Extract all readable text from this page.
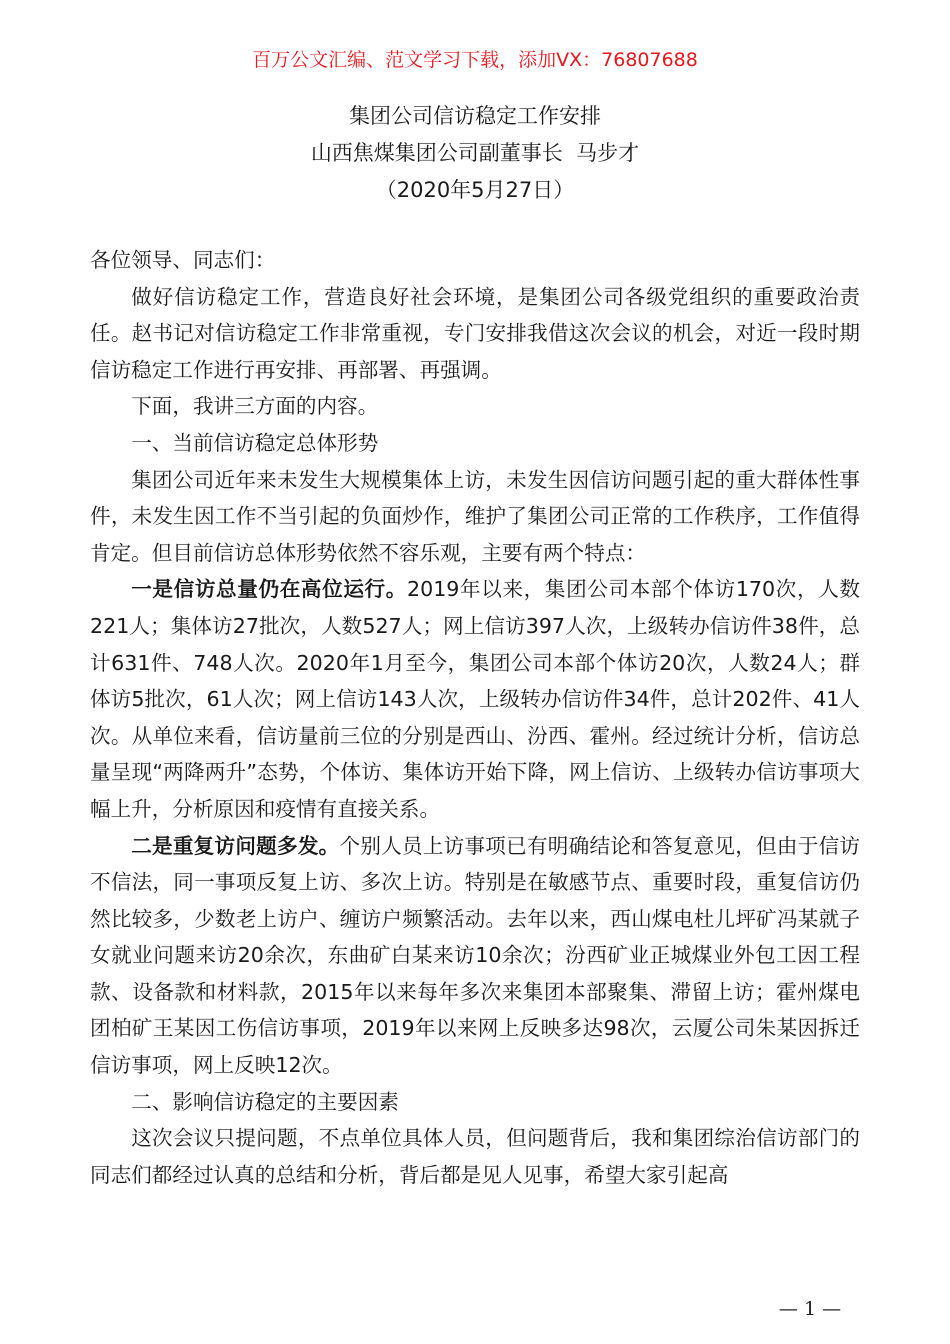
百万公文汇编、范文学习下载，添加VX：76807688
集团公司信访稳定工作安排
山西焦煤集团公司副董事长  马步才
（2020年5月27日）

各位领导、同志们：

做好信访稳定工作，营造良好社会环境，是集团公司各级党组织的重要政治责任。赵书记对信访稳定工作非常重视，专门安排我借这次会议的机会，对近一段时期信访稳定工作进行再安排、再部署、再强调。

下面，我讲三方面的内容。

一、当前信访稳定总体形势

集团公司近年来未发生大规模集体上访，未发生因信访问题引起的重大群体性事件，未发生因工作不当引起的负面炒作，维护了集团公司正常的工作秩序，工作值得肯定。但目前信访总体形势依然不容乐观，主要有两个特点：

一是信访总量仍在高位运行。2019年以来，集团公司本部个体访170次，人数221人；集体访27批次，人数527人；网上信访397人次，上级转办信访件38件，总计631件、748人次。2020年1月至今，集团公司本部个体访20次，人数24人；群体访5批次，61人次；网上信访143人次，上级转办信访件34件，总计202件、41人次。从单位来看，信访量前三位的分别是西山、汾西、霍州。经过统计分析，信访总量呈现“两降两升”态势，个体访、集体访开始下降，网上信访、上级转办信访事项大幅上升，分析原因和疫情有直接关系。

二是重复访问题多发。个别人员上访事项已有明确结论和答复意见，但由于信访不信法，同一事项反复上访、多次上访。特别是在敏感节点、重要时段，重复信访仍然比较多，少数老上访户、缠访户频繁活动。去年以来，西山煤电杜儿坪矿冯某就子女就业问题来访20余次，东曲矿白某来访10余次；汾西矿业正城煤业外包工因工程款、设备款和材料款，2015年以来每年多次来集团本部聚集、滞留上访；霍州煤电团柏矿王某因工伤信访事项，2019年以来网上反映多达98次，云厦公司朱某因拆迁信访事项，网上反映12次。

二、影响信访稳定的主要因素

这次会议只提问题，不点单位具体人员，但问题背后，我和集团综治信访部门的同志们都经过认真的总结和分析，背后都是见人见事，希望大家引起高

— 1 —
